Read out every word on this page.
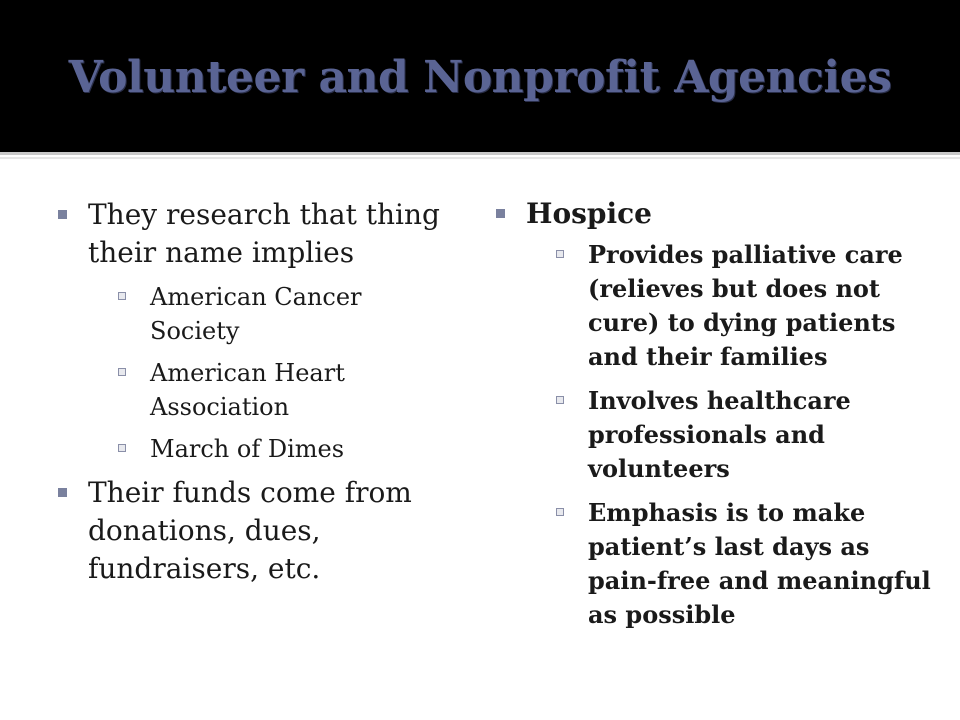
Volunteer and Nonprofit Agencies
They research that thing their name implies
American Cancer Society
American Heart Association
March of Dimes
Their funds come from donations, dues, fundraisers, etc.
Hospice
Provides palliative care (relieves but does not cure) to dying patients and their families
Involves healthcare professionals and volunteers
Emphasis is to make patient’s last days as pain-free and meaningful as possible
